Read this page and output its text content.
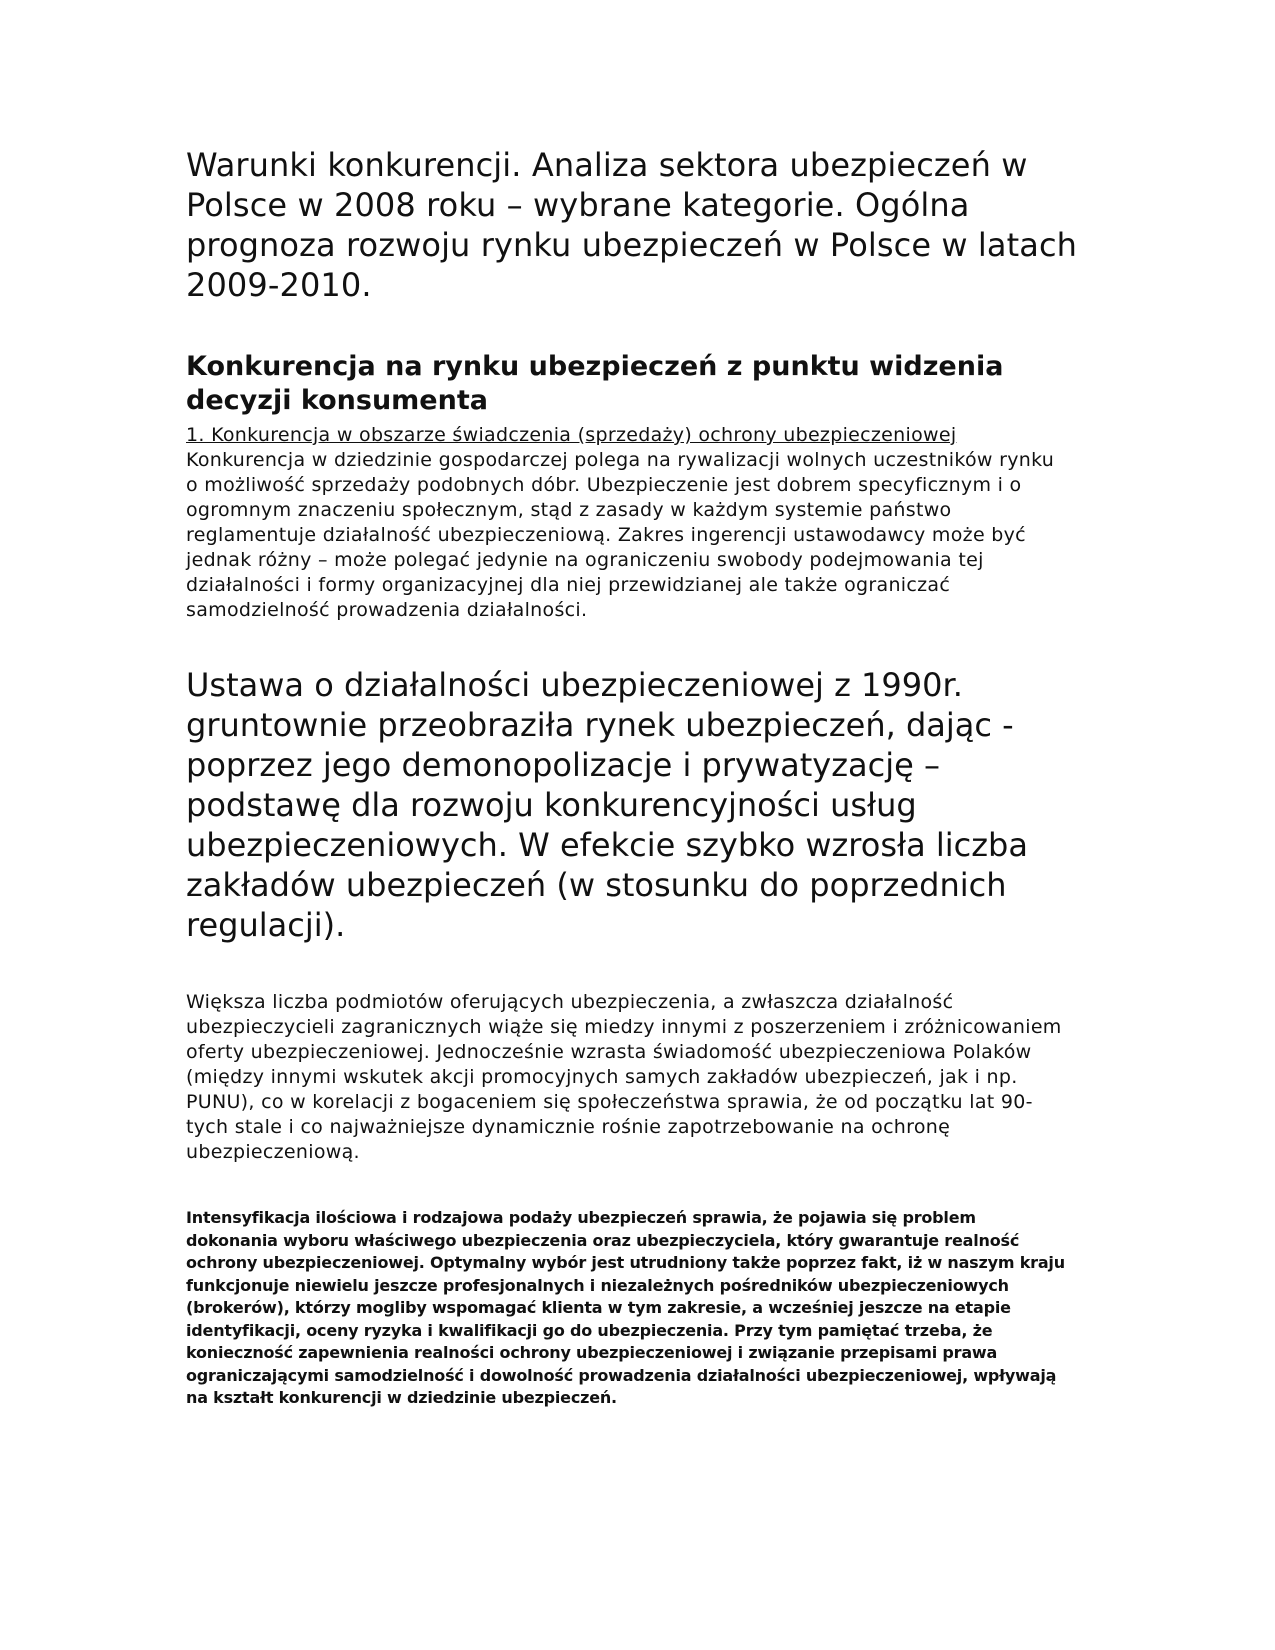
Warunki konkurencji. Analiza sektora ubezpieczeń w
Polsce w 2008 roku – wybrane kategorie. Ogólna
prognoza rozwoju rynku ubezpieczeń w Polsce w latach
2009-2010.
Konkurencja na rynku ubezpieczeń z punktu widzenia
decyzji konsumenta

1. Konkurencja w obszarze świadczenia (sprzedaży) ochrony ubezpieczeniowej

Konkurencja w dziedzinie gospodarczej polega na rywalizacji wolnych uczestników rynku
o możliwość sprzedaży podobnych dóbr. Ubezpieczenie jest dobrem specyficznym i o
ogromnym znaczeniu społecznym, stąd z zasady w każdym systemie państwo
reglamentuje działalność ubezpieczeniową. Zakres ingerencji ustawodawcy może być
jednak różny – może polegać jedynie na ograniczeniu swobody podejmowania tej
działalności i formy organizacyjnej dla niej przewidzianej ale także ograniczać
samodzielność prowadzenia działalności.

Ustawa o działalności ubezpieczeniowej z 1990r.
gruntownie przeobraziła rynek ubezpieczeń, dając -
poprzez jego demonopolizacje i prywatyzację –
podstawę dla rozwoju konkurencyjności usług
ubezpieczeniowych. W efekcie szybko wzrosła liczba
zakładów ubezpieczeń (w stosunku do poprzednich
regulacji).

Większa liczba podmiotów oferujących ubezpieczenia, a zwłaszcza działalność
ubezpieczycieli zagranicznych wiąże się miedzy innymi z poszerzeniem i zróżnicowaniem
oferty ubezpieczeniowej. Jednocześnie wzrasta świadomość ubezpieczeniowa Polaków
(między innymi wskutek akcji promocyjnych samych zakładów ubezpieczeń, jak i np.
PUNU), co w korelacji z bogaceniem się społeczeństwa sprawia, że od początku lat 90-
tych stale i co najważniejsze dynamicznie rośnie zapotrzebowanie na ochronę
ubezpieczeniową.

Intensyfikacja ilościowa i rodzajowa podaży ubezpieczeń sprawia, że pojawia się problem
dokonania wyboru właściwego ubezpieczenia oraz ubezpieczyciela, który gwarantuje realność
ochrony ubezpieczeniowej. Optymalny wybór jest utrudniony także poprzez fakt, iż w naszym kraju
funkcjonuje niewielu jeszcze profesjonalnych i niezależnych pośredników ubezpieczeniowych
(brokerów), którzy mogliby wspomagać klienta w tym zakresie, a wcześniej jeszcze na etapie
identyfikacji, oceny ryzyka i kwalifikacji go do ubezpieczenia. Przy tym pamiętać trzeba, że
konieczność zapewnienia realności ochrony ubezpieczeniowej i związanie przepisami prawa
ograniczającymi samodzielność i dowolność prowadzenia działalności ubezpieczeniowej, wpływają
na kształt konkurencji w dziedzinie ubezpieczeń.
